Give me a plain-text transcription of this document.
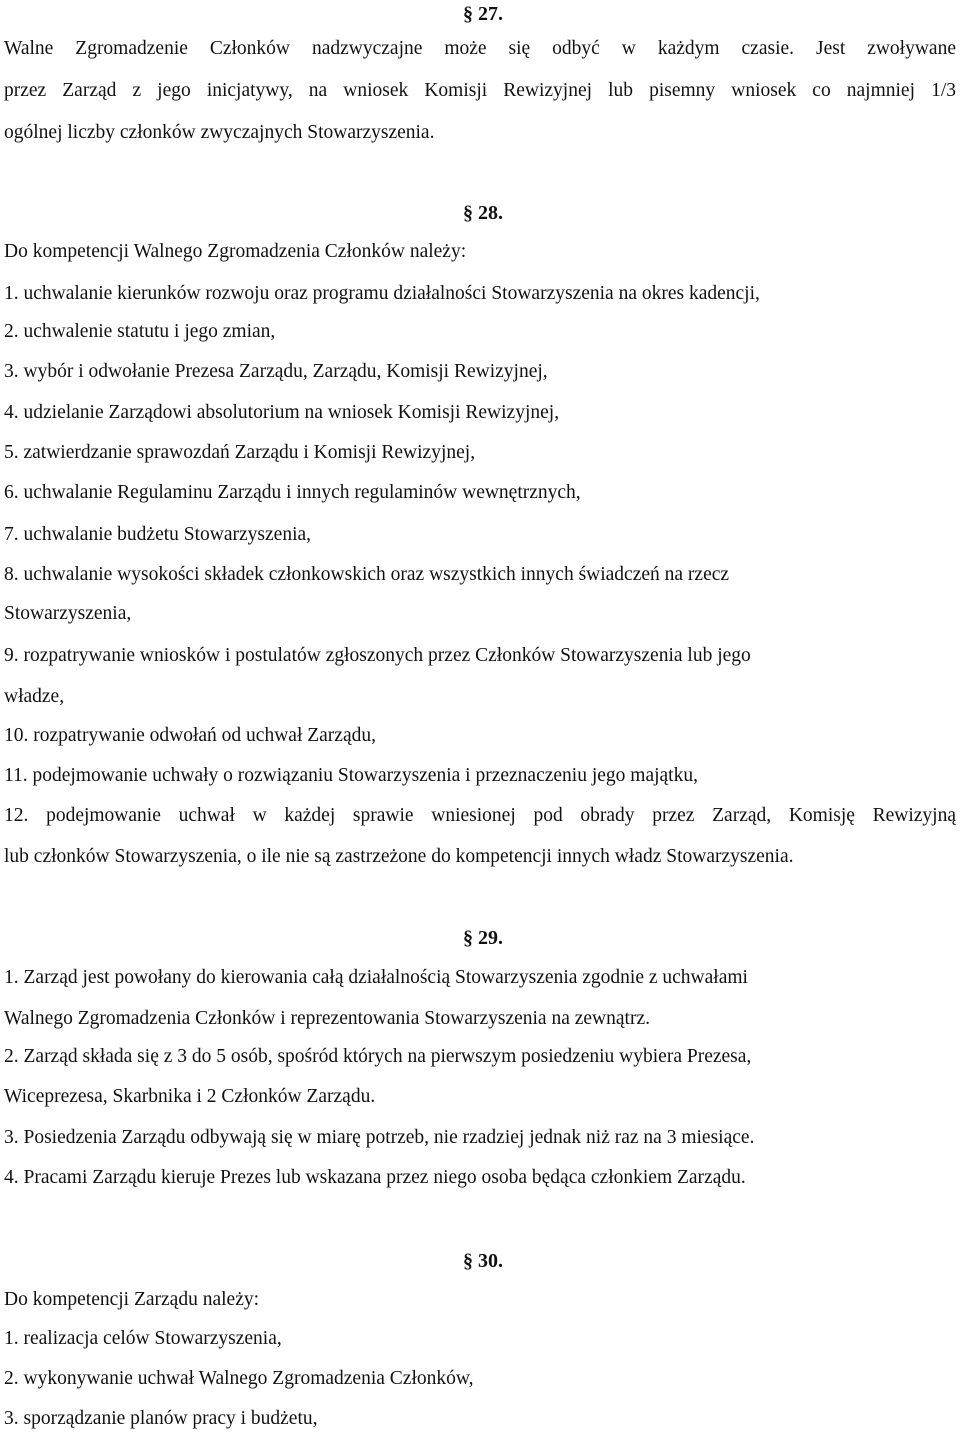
§ 27.
Walne Zgromadzenie Członków nadzwyczajne może się odbyć w każdym czasie. Jest zwoływane
przez Zarząd z jego inicjatywy, na wniosek Komisji Rewizyjnej lub pisemny wniosek co najmniej 1/3
ogólnej liczby członków zwyczajnych Stowarzyszenia.
§ 28.
Do kompetencji Walnego Zgromadzenia Członków należy:
1. uchwalanie kierunków rozwoju oraz programu działalności Stowarzyszenia na okres kadencji,
2. uchwalenie statutu i jego zmian,
3. wybór i odwołanie Prezesa Zarządu, Zarządu, Komisji Rewizyjnej,
4. udzielanie Zarządowi absolutorium na wniosek Komisji Rewizyjnej,
5. zatwierdzanie sprawozdań Zarządu i Komisji Rewizyjnej,
6. uchwalanie Regulaminu Zarządu i innych regulaminów wewnętrznych,
7. uchwalanie budżetu Stowarzyszenia,
8. uchwalanie wysokości składek członkowskich oraz wszystkich innych świadczeń na rzecz
Stowarzyszenia,
9. rozpatrywanie wniosków i postulatów zgłoszonych przez Członków Stowarzyszenia lub jego
władze,
10. rozpatrywanie odwołań od uchwał Zarządu,
11. podejmowanie uchwały o rozwiązaniu Stowarzyszenia i przeznaczeniu jego majątku,
12. podejmowanie uchwał w każdej sprawie wniesionej pod obrady przez Zarząd, Komisję Rewizyjną
lub członków Stowarzyszenia, o ile nie są zastrzeżone do kompetencji innych władz Stowarzyszenia.
§ 29.
1. Zarząd jest powołany do kierowania całą działalnością Stowarzyszenia zgodnie z uchwałami
Walnego Zgromadzenia Członków i reprezentowania Stowarzyszenia na zewnątrz.
2. Zarząd składa się z 3 do 5 osób, spośród których na pierwszym posiedzeniu wybiera Prezesa,
Wiceprezesa, Skarbnika i 2 Członków Zarządu.
3. Posiedzenia Zarządu odbywają się w miarę potrzeb, nie rzadziej jednak niż raz na 3 miesiące.
4. Pracami Zarządu kieruje Prezes lub wskazana przez niego osoba będąca członkiem Zarządu.
§ 30.
Do kompetencji Zarządu należy:
1. realizacja celów Stowarzyszenia,
2. wykonywanie uchwał Walnego Zgromadzenia Członków,
3. sporządzanie planów pracy i budżetu,
